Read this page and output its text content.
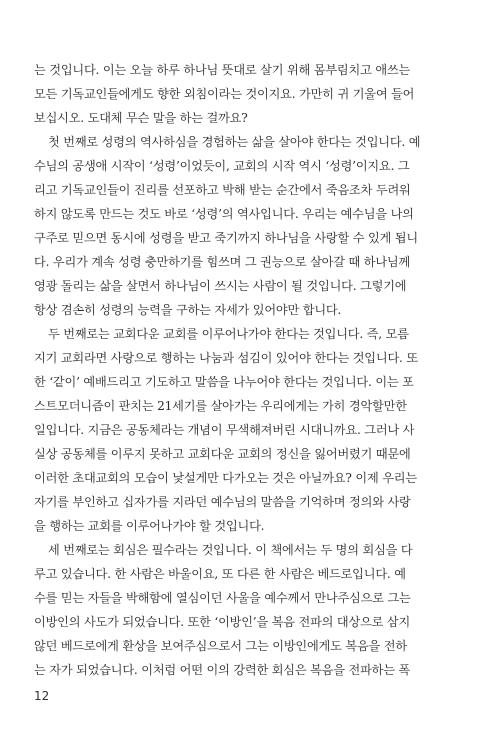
는 것입니다. 이는 오늘 하루 하나님 뜻대로 살기 위해 몸부림치고 애쓰는
모든 기독교인들에게도 향한 외침이라는 것이지요. 가만히 귀 기울여 들어
보십시오. 도대체 무슨 말을 하는 걸까요?
첫 번째로 성령의 역사하심을 경험하는 삶을 살아야 한다는 것입니다. 예
수님의 공생애 시작이 ‘성령’이었듯이, 교회의 시작 역시 ‘성령’이지요. 그
리고 기독교인들이 진리를 선포하고 박해 받는 순간에서 죽음조차 두려워
하지 않도록 만드는 것도 바로 ‘성령’의 역사입니다. 우리는 예수님을 나의
구주로 믿으면 동시에 성령을 받고 죽기까지 하나님을 사랑할 수 있게 됩니
다. 우리가 계속 성령 충만하기를 힘쓰며 그 권능으로 살아갈 때 하나님께
영광 돌리는 삶을 살면서 하나님이 쓰시는 사람이 될 것입니다. 그렇기에
항상 겸손히 성령의 능력을 구하는 자세가 있어야만 합니다.
두 번째로는 교회다운 교회를 이루어나가야 한다는 것입니다. 즉, 모름
지기 교회라면 사랑으로 행하는 나눔과 섬김이 있어야 한다는 것입니다. 또
한 ‘같이’ 예배드리고 기도하고 말씀을 나누어야 한다는 것입니다. 이는 포
스트모더니즘이 판치는 21세기를 살아가는 우리에게는 가히 경악할만한
일입니다. 지금은 공동체라는 개념이 무색해져버린 시대니까요. 그러나 사
실상 공동체를 이루지 못하고 교회다운 교회의 정신을 잃어버렸기 때문에
이러한 초대교회의 모습이 낯설게만 다가오는 것은 아닐까요? 이제 우리는
자기를 부인하고 십자가를 지라던 예수님의 말씀을 기억하며 정의와 사랑
을 행하는 교회를 이루어나가야 할 것입니다.
세 번째로는 회심은 필수라는 것입니다. 이 책에서는 두 명의 회심을 다
루고 있습니다. 한 사람은 바울이요, 또 다른 한 사람은 베드로입니다. 예
수를 믿는 자들을 박해함에 열심이던 사울을 예수께서 만나주심으로 그는
이방인의 사도가 되었습니다. 또한 ‘이방인’을 복음 전파의 대상으로 삼지
않던 베드로에게 환상을 보여주심으로서 그는 이방인에게도 복음을 전하
는 자가 되었습니다. 이처럼 어떤 이의 강력한 회심은 복음을 전파하는 폭
12
